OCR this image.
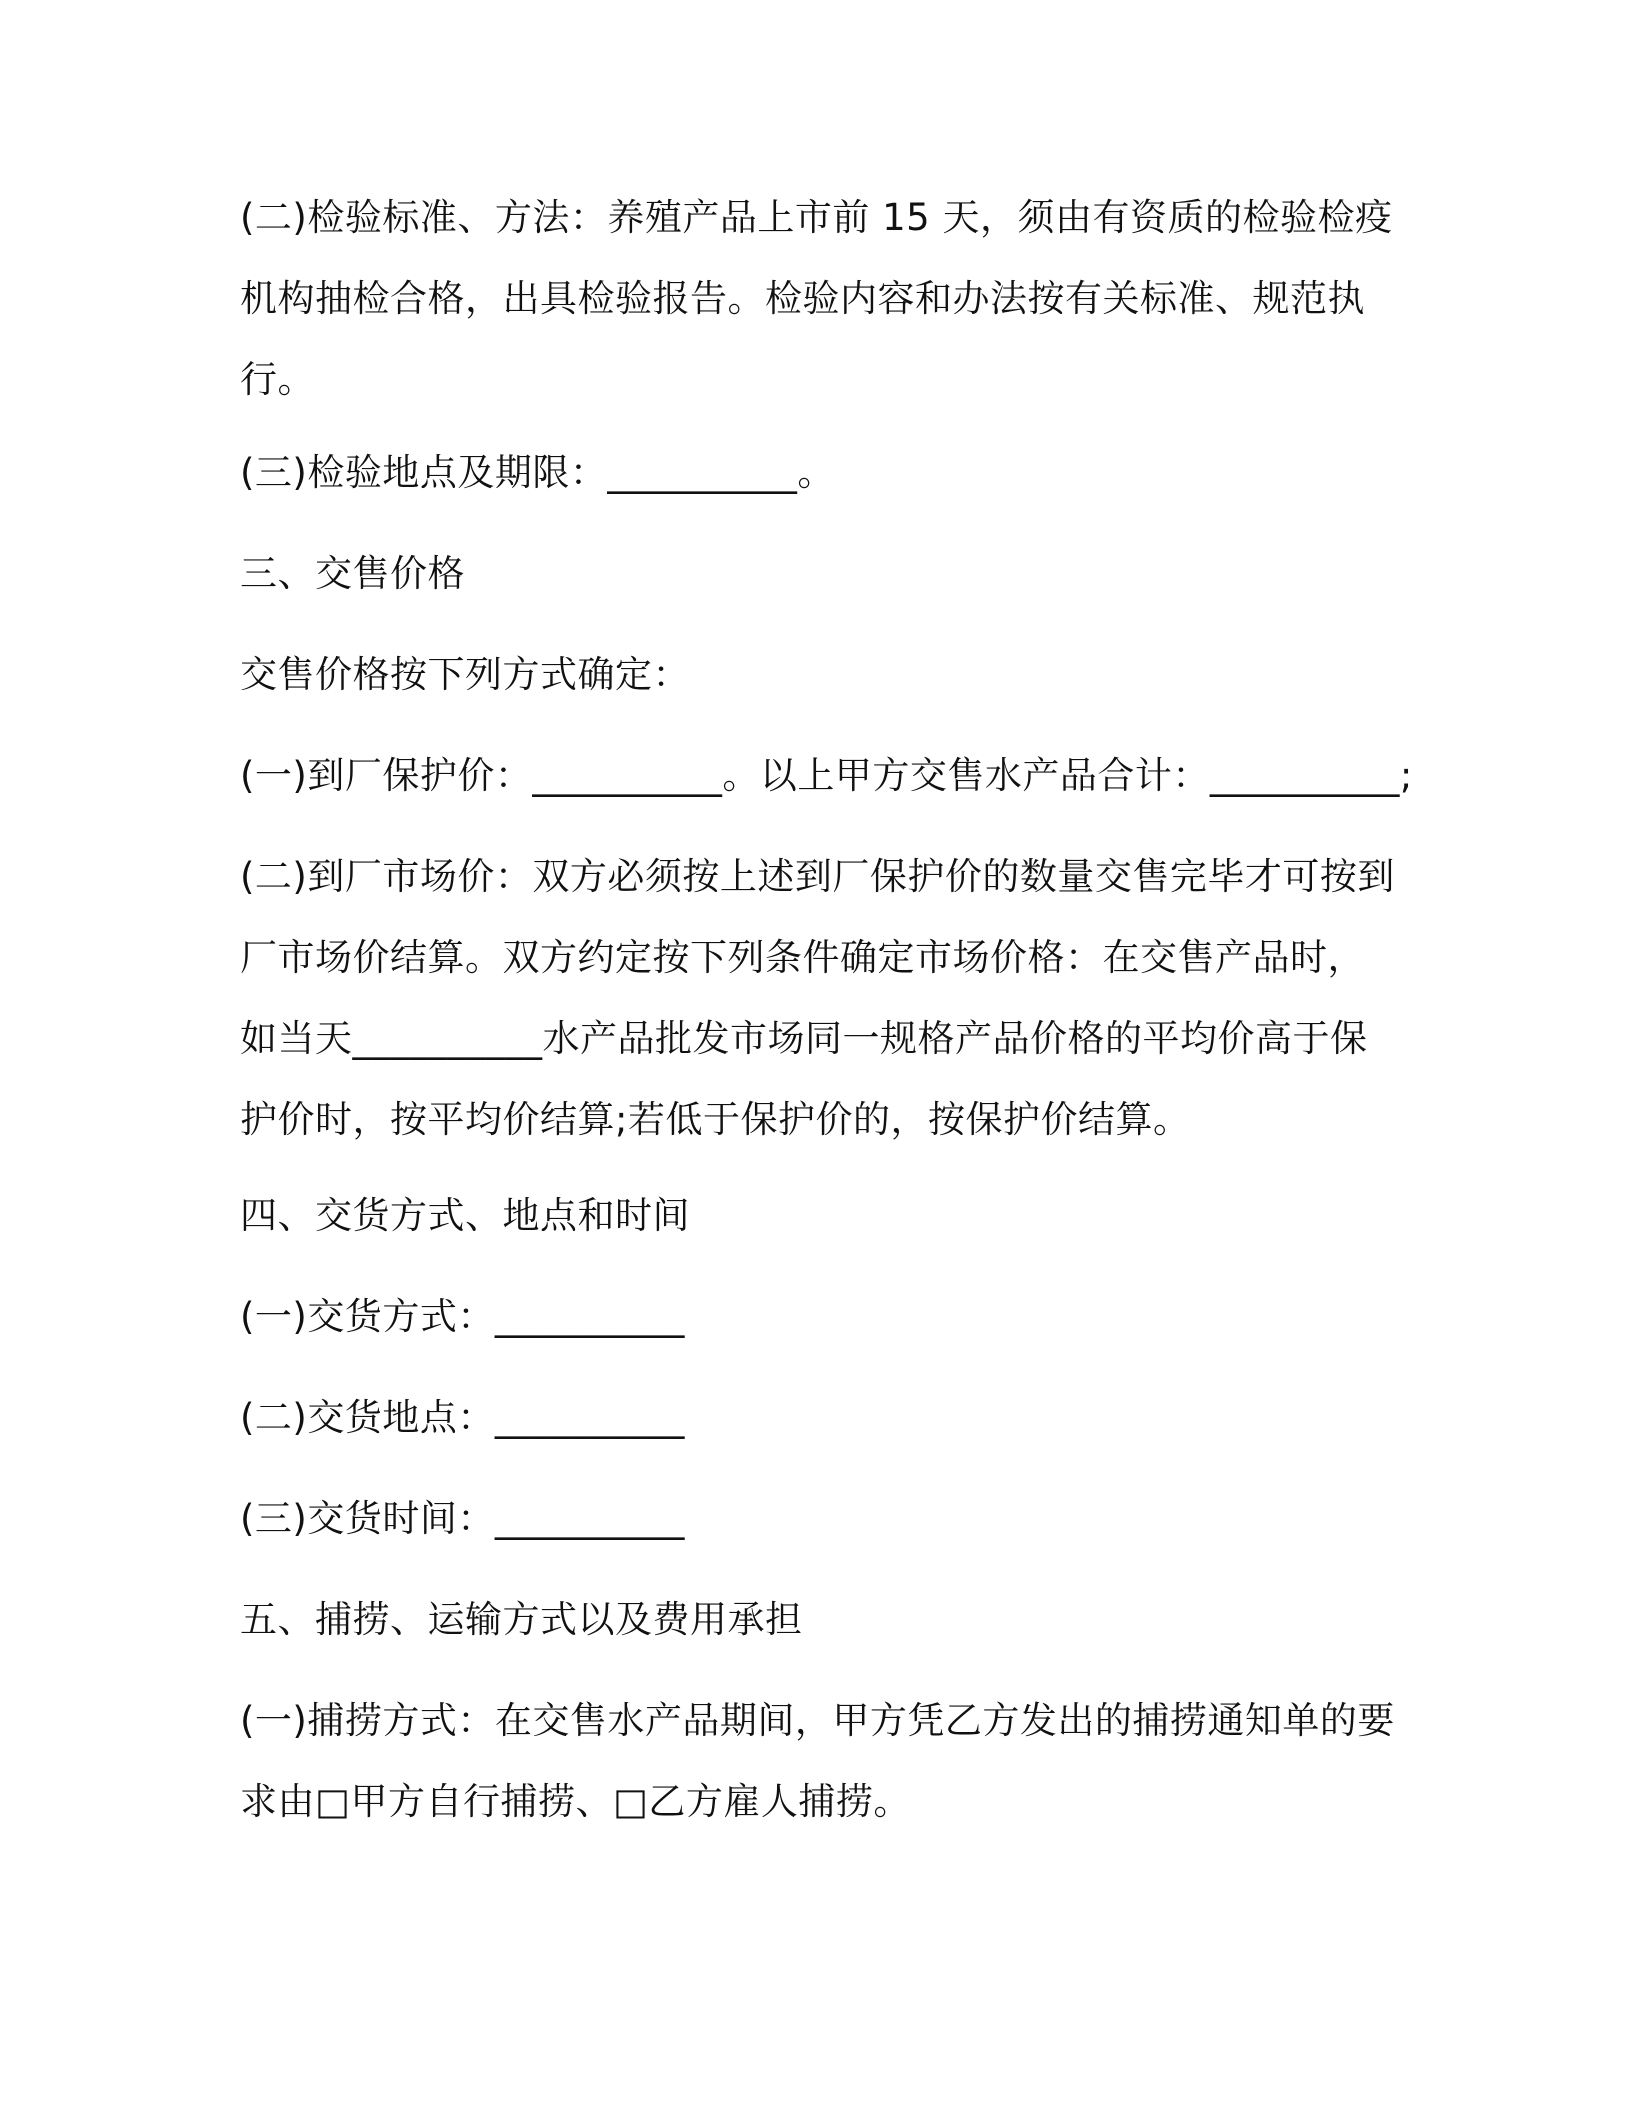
(二)检验标准、方法：养殖产品上市前 15 天，须由有资质的检验检疫
机构抽检合格，出具检验报告。检验内容和办法按有关标准、规范执
行。
(三)检验地点及期限：__________。
三、交售价格
交售价格按下列方式确定：
(一)到厂保护价：__________。以上甲方交售水产品合计：__________;
(二)到厂市场价：双方必须按上述到厂保护价的数量交售完毕才可按到
厂市场价结算。双方约定按下列条件确定市场价格：在交售产品时，
如当天__________水产品批发市场同一规格产品价格的平均价高于保
护价时，按平均价结算;若低于保护价的，按保护价结算。
四、交货方式、地点和时间
(一)交货方式：__________
(二)交货地点：__________
(三)交货时间：__________
五、捕捞、运输方式以及费用承担
(一)捕捞方式：在交售水产品期间，甲方凭乙方发出的捕捞通知单的要
求由□甲方自行捕捞、□乙方雇人捕捞。
